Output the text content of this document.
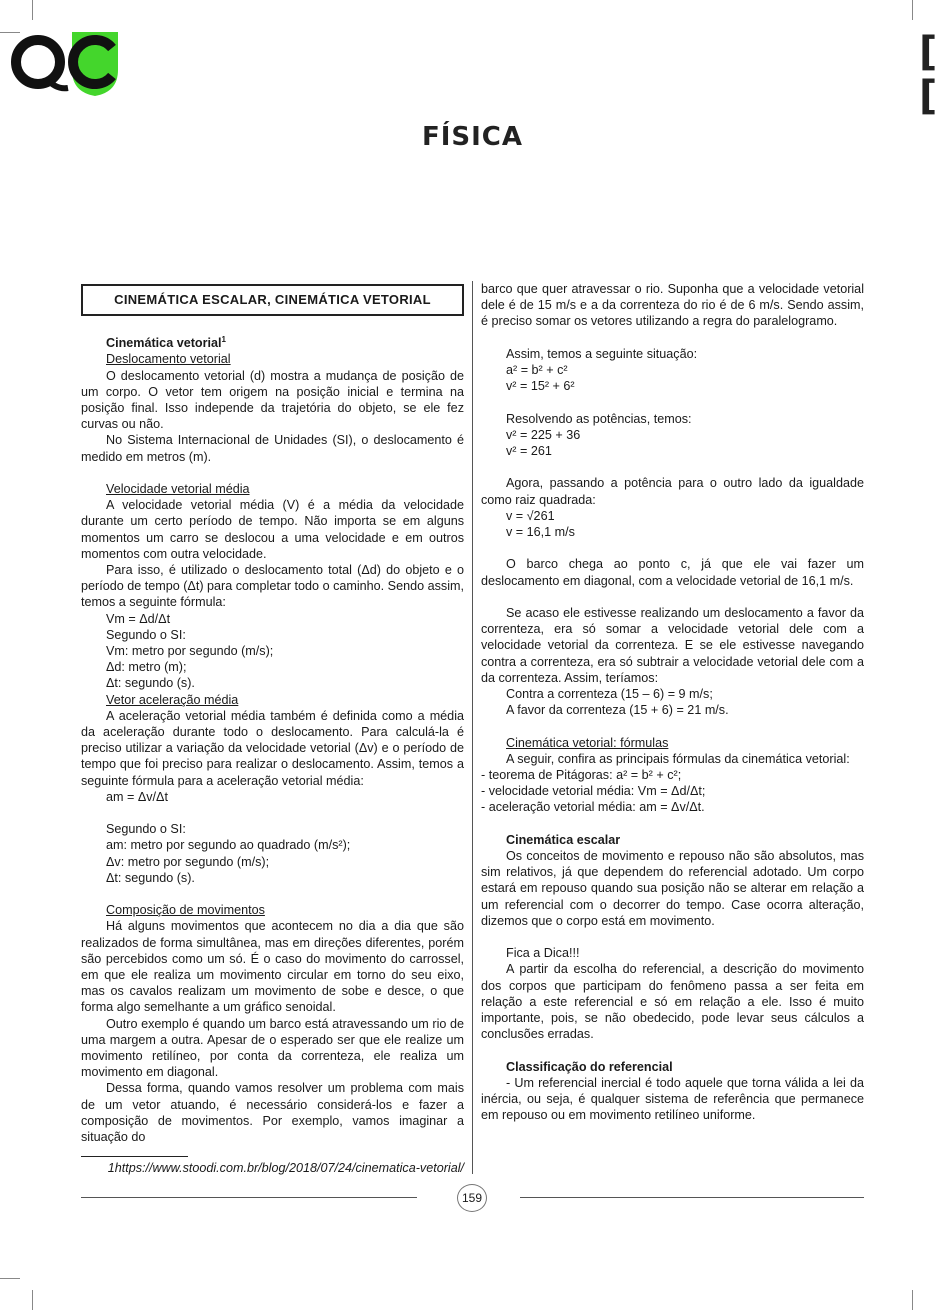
[
[
FÍSICA
CINEMÁTICA ESCALAR, CINEMÁTICA VETORIAL

Cinemática vetorial$^1$

Deslocamento vetorial

O deslocamento vetorial (d) mostra a mudança de posição de um corpo. O vetor tem origem na posição inicial e termina na posição final. Isso independe da trajetória do objeto, se ele fez curvas ou não.

No Sistema Internacional de Unidades (SI), o deslocamento é medido em metros (m).

Velocidade vetorial média

A velocidade vetorial média (V) é a média da velocidade durante um certo período de tempo. Não importa se em alguns momentos um carro se deslocou a uma velocidade e em outros momentos com outra velocidade.

Para isso, é utilizado o deslocamento total (Δd) do objeto e o período de tempo (Δt) para completar todo o caminho. Sendo assim, temos a seguinte fórmula:

Vm = Δd/Δt

Segundo o SI:

Vm: metro por segundo (m/s);

Δd: metro (m);

Δt: segundo (s).

Vetor aceleração média

A aceleração vetorial média também é definida como a média da aceleração durante todo o deslocamento. Para calculá-la é preciso utilizar a variação da velocidade vetorial (Δv) e o período de tempo que foi preciso para realizar o deslocamento. Assim, temos a seguinte fórmula para a aceleração vetorial média:

am = Δv/Δt

Segundo o SI:

am: metro por segundo ao quadrado (m/s²);

Δv: metro por segundo (m/s);

Δt: segundo (s).

Composição de movimentos

Há alguns movimentos que acontecem no dia a dia que são realizados de forma simultânea, mas em direções diferentes, porém são percebidos como um só. É o caso do movimento do carrossel, em que ele realiza um movimento circular em torno do seu eixo, mas os cavalos realizam um movimento de sobe e desce, o que forma algo semelhante a um gráfico senoidal.

Outro exemplo é quando um barco está atravessando um rio de uma margem a outra. Apesar de o esperado ser que ele realize um movimento retilíneo, por conta da correnteza, ele realiza um movimento em diagonal.

Dessa forma, quando vamos resolver um problema com mais de um vetor atuando, é necessário considerá-los e fazer a composição de movimentos. Por exemplo, vamos imaginar a situação do

barco que quer atravessar o rio. Suponha que a velocidade vetorial dele é de 15 m/s e a da correnteza do rio é de 6 m/s. Sendo assim, é preciso somar os vetores utilizando a regra do paralelogramo.

Assim, temos a seguinte situação:

a² = b² + c²

v² = 15² + 6²

Resolvendo as potências, temos:

v² = 225 + 36

v² = 261

Agora, passando a potência para o outro lado da igualdade como raiz quadrada:

v = √261

v = 16,1 m/s

O barco chega ao ponto c, já que ele vai fazer um deslocamento em diagonal, com a velocidade vetorial de 16,1 m/s.

Se acaso ele estivesse realizando um deslocamento a favor da correnteza, era só somar a velocidade vetorial dele com a velocidade vetorial da correnteza. E se ele estivesse navegando contra a correnteza, era só subtrair a velocidade vetorial dele com a da correnteza. Assim, teríamos:

Contra a correnteza (15 – 6) = 9 m/s;

A favor da correnteza (15 + 6) = 21 m/s.

Cinemática vetorial: fórmulas

A seguir, confira as principais fórmulas da cinemática vetorial:

- teorema de Pitágoras: a² = b² + c²;

- velocidade vetorial média: Vm = Δd/Δt;

- aceleração vetorial média: am = Δv/Δt.

Cinemática escalar

Os conceitos de movimento e repouso não são absolutos, mas sim relativos, já que dependem do referencial adotado. Um corpo estará em repouso quando sua posição não se alterar em relação a um referencial com o decorrer do tempo. Case ocorra alteração, dizemos que o corpo está em movimento.

Fica a Dica!!!

A partir da escolha do referencial, a descrição do movimento dos corpos que participam do fenômeno passa a ser feita em relação a este referencial e só em relação a ele. Isso é muito importante, pois, se não obedecido, pode levar seus cálculos a conclusões erradas.

Classificação do referencial

- Um referencial inercial é todo aquele que torna válida a lei da inércia, ou seja, é qualquer sistema de referência que permanece em repouso ou em movimento retilíneo uniforme.

1https://www.stoodi.com.br/blog/2018/07/24/cinematica-vetorial/
159
